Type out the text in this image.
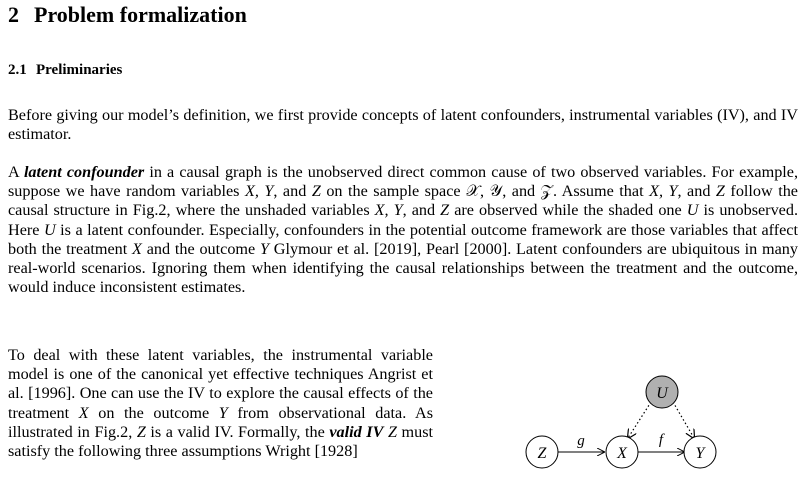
2 Problem formalization
2.1 Preliminaries

Before giving our model’s definition, we first provide concepts of latent confounders, instrumental variables (IV), and IV estimator.

A latent confounder in a causal graph is the unobserved direct common cause of two observed variables. For example, suppose we have random variables X, Y, and Z on the sample space 𝒳, 𝒴, and 𝒵. Assume that X, Y, and Z follow the causal structure in Fig.2, where the unshaded variables X, Y, and Z are observed while the shaded one U is unobserved. Here U is a latent confounder. Especially, confounders in the potential outcome framework are those variables that affect both the treatment X and the outcome Y Glymour et al. [2019], Pearl [2000]. Latent confounders are ubiquitous in many real-world scenarios. Ignoring them when identifying the causal relationships between the treatment and the outcome, would induce inconsistent estimates.

To deal with these latent variables, the instrumental variable model is one of the canonical yet effective techniques Angrist et al. [1996]. One can use the IV to explore the causal effects of the treatment X on the outcome Y from observational data. As illustrated in Fig.2, Z is a valid IV. Formally, the valid IV Z must satisfy the following three assumptions Wright [1928]	Z	X	Y
U
g	f
